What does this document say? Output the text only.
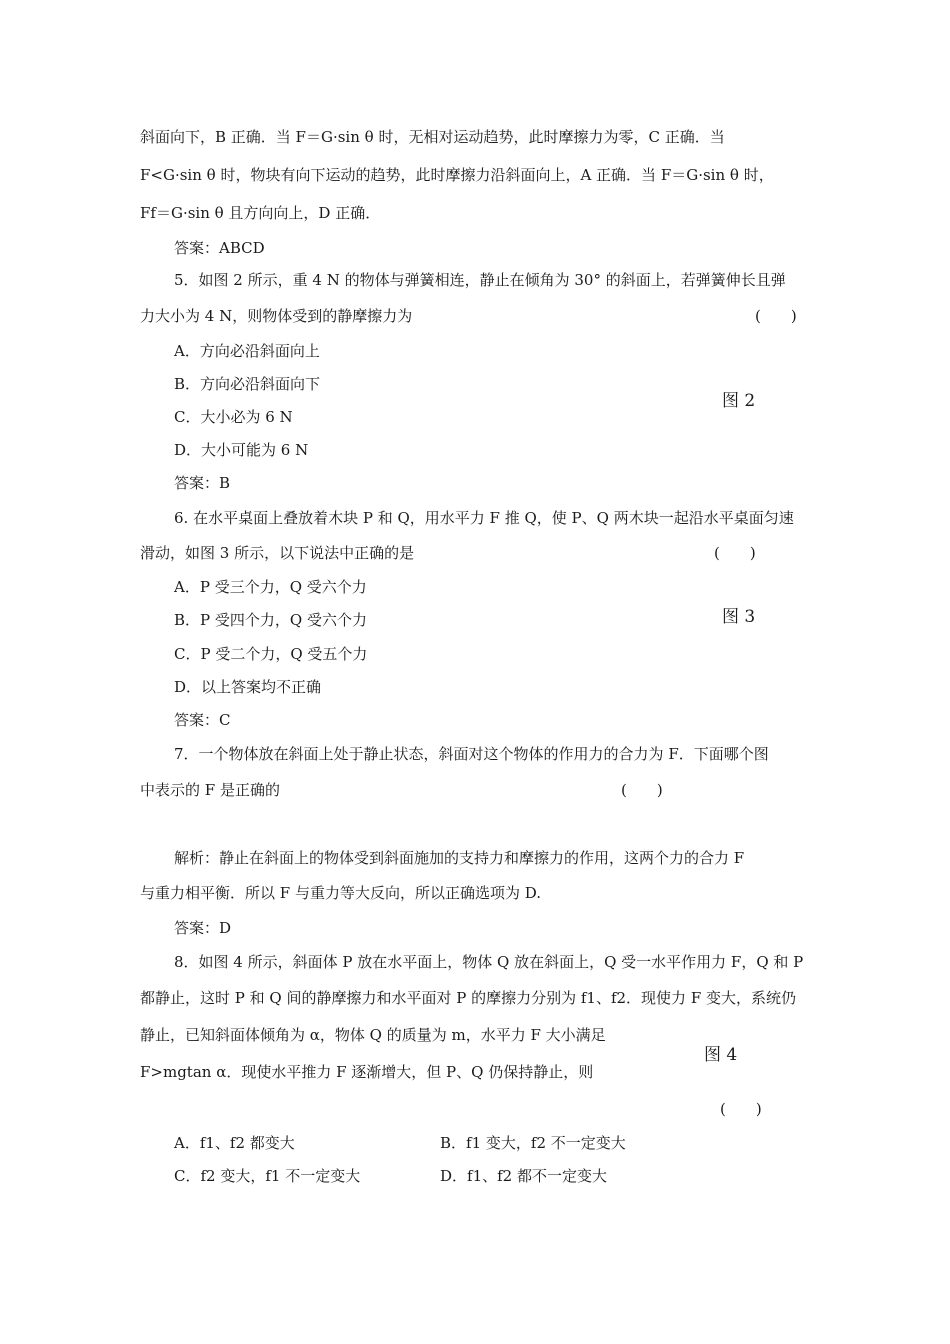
斜面向下，B 正确．当 F＝G·sin θ 时，无相对运动趋势，此时摩擦力为零，C 正确．当
F<G·sin θ 时，物块有向下运动的趋势，此时摩擦力沿斜面向上，A 正确．当 F＝G·sin θ 时，
Ff＝G·sin θ 且方向向上，D 正确．
答案：ABCD
5．如图 2 所示，重 4 N 的物体与弹簧相连，静止在倾角为 30° 的斜面上，若弹簧伸长且弹
力大小为 4 N，则物体受到的静摩擦力为	(　　)
A．方向必沿斜面向上
B．方向必沿斜面向下
C．大小必为 6 N
D．大小可能为 6 N
图 2
答案：B
6. 在水平桌面上叠放着木块 P 和 Q，用水平力 F 推 Q，使 P、Q 两木块一起沿水平桌面匀速
滑动，如图 3 所示，以下说法中正确的是	(　　)
A．P 受三个力，Q 受六个力
B．P 受四个力，Q 受六个力
C．P 受二个力，Q 受五个力
D．以上答案均不正确
图 3
答案：C
7．一个物体放在斜面上处于静止状态，斜面对这个物体的作用力的合力为 F．下面哪个图
中表示的 F 是正确的	(　　)
解析：静止在斜面上的物体受到斜面施加的支持力和摩擦力的作用，这两个力的合力 F
与重力相平衡．所以 F 与重力等大反向，所以正确选项为 D.
答案：D
8．如图 4 所示，斜面体 P 放在水平面上，物体 Q 放在斜面上，Q 受一水平作用力 F，Q 和 P
都静止，这时 P 和 Q 间的静摩擦力和水平面对 P 的摩擦力分别为 f1、f2．现使力 F 变大，系统仍
静止，已知斜面体倾角为 α，物体 Q 的质量为 m，水平力 F 大小满足
F>mgtan α．现使水平推力 F 逐渐增大，但 P、Q 仍保持静止，则
图 4
(　　)
A．f1、f2 都变大	B．f1 变大，f2 不一定变大
C．f2 变大，f1 不一定变大	D．f1、f2 都不一定变大
